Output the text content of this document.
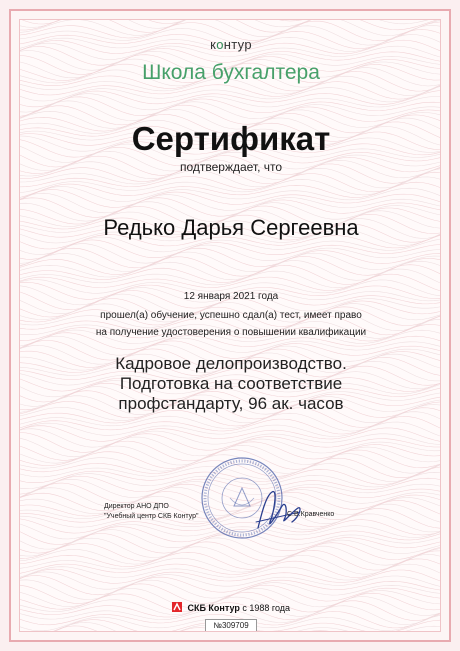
контур
Школа бухгалтера
Сертификат
подтверждает, что
Редько Дарья Сергеевна
12 января 2021 года
прошел(а) обучение, успешно сдал(а) тест, имеет право
на получение удостоверения о повышении квалификации
Кадровое делопроизводство.
Подготовка на соответствие
профстандарту, 96 ак. часов
Директор АНО ДПО
"Учебный центр СКБ Контур"	С.В.Кравченко
СКБ Контур с 1988 года
№309709
